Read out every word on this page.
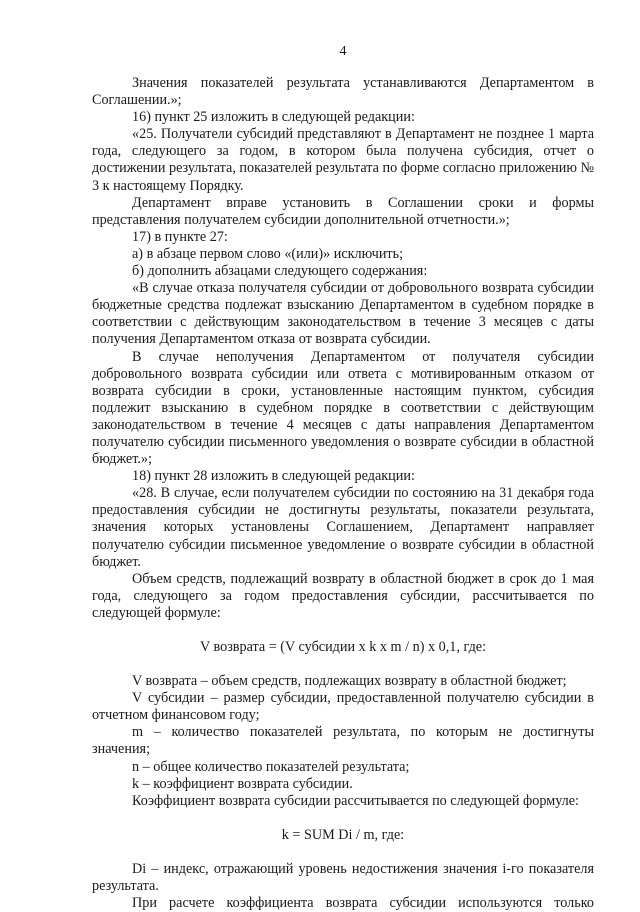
4

Значения показателей результата устанавливаются Департаментом в Соглашении.»;

16) пункт 25 изложить в следующей редакции:

«25. Получатели субсидий представляют в Департамент не позднее 1 марта года, следующего за годом, в котором была получена субсидия, отчет о достижении результата, показателей результата по форме согласно приложению № 3 к настоящему Порядку.

Департамент вправе установить в Соглашении сроки и формы представления получателем субсидии дополнительной отчетности.»;

17) в пункте 27:

а) в абзаце первом слово «(или)» исключить;

б) дополнить абзацами следующего содержания:

«В случае отказа получателя субсидии от добровольного возврата субсидии бюджетные средства подлежат взысканию Департаментом в судебном порядке в соответствии с действующим законодательством в течение 3 месяцев с даты получения Департаментом отказа от возврата субсидии.

В случае неполучения Департаментом от получателя субсидии добровольного возврата субсидии или ответа с мотивированным отказом от возврата субсидии в сроки, установленные настоящим пунктом, субсидия подлежит взысканию в судебном порядке в соответствии с действующим законодательством в течение 4 месяцев с даты направления Департаментом получателю субсидии письменного уведомления о возврате субсидии в областной бюджет.»;

18) пункт 28 изложить в следующей редакции:

«28. В случае, если получателем субсидии по состоянию на 31 декабря года предоставления субсидии не достигнуты результаты, показатели результата, значения которых установлены Соглашением, Департамент направляет получателю субсидии письменное уведомление о возврате субсидии в областной бюджет.

Объем средств, подлежащий возврату в областной бюджет в срок до 1 мая года, следующего за годом предоставления субсидии, рассчитывается по следующей формуле:

V возврата = (V субсидии х k х m / n) х 0,1, где:

V возврата – объем средств, подлежащих возврату в областной бюджет;

V субсидии – размер субсидии, предоставленной получателю субсидии в отчетном финансовом году;

m – количество показателей результата, по которым не достигнуты значения;

n – общее количество показателей результата;

k – коэффициент возврата субсидии.

Коэффициент возврата субсидии рассчитывается по следующей формуле:

k = SUM Di / m, где:

Di – индекс, отражающий уровень недостижения значения i-го показателя результата.

При расчете коэффициента возврата субсидии используются только
